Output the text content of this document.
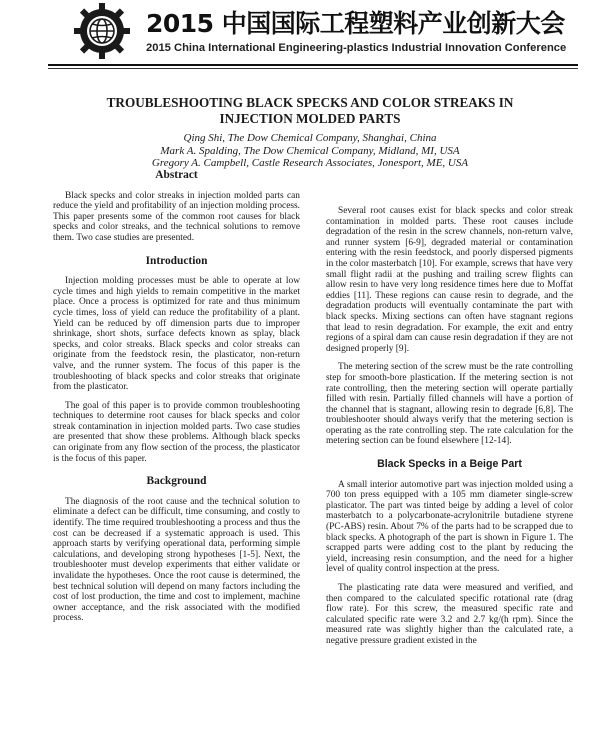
2015 中国国际工程塑料产业创新大会
2015 China International Engineering-plastics Industrial Innovation Conference
TROUBLESHOOTING BLACK SPECKS AND COLOR STREAKS IN
INJECTION MOLDED PARTS
Qing Shi, The Dow Chemical Company, Shanghai, China
Mark A. Spalding, The Dow Chemical Company, Midland, MI, USA
Gregory A. Campbell, Castle Research Associates, Jonesport, ME, USA
Abstract

Black specks and color streaks in injection molded parts can reduce the yield and profitability of an injection molding process. This paper presents some of the common root causes for black specks and color streaks, and the technical solutions to remove them. Two case studies are presented.

Introduction

Injection molding processes must be able to operate at low cycle times and high yields to remain competitive in the market place. Once a process is optimized for rate and thus minimum cycle times, loss of yield can reduce the profitability of a plant. Yield can be reduced by off dimension parts due to improper shrinkage, short shots, surface defects known as splay, black specks, and color streaks. Black specks and color streaks can originate from the feedstock resin, the plasticator, non-return valve, and the runner system. The focus of this paper is the troubleshooting of black specks and color streaks that originate from the plasticator.

The goal of this paper is to provide common troubleshooting techniques to determine root causes for black specks and color streak contamination in injection molded parts. Two case studies are presented that show these problems. Although black specks can originate from any flow section of the process, the plasticator is the focus of this paper.

Background

The diagnosis of the root cause and the technical solution to eliminate a defect can be difficult, time consuming, and costly to identify. The time required troubleshooting a process and thus the cost can be decreased if a systematic approach is used. This approach starts by verifying operational data, performing simple calculations, and developing strong hypotheses [1-5]. Next, the troubleshooter must develop experiments that either validate or invalidate the hypotheses. Once the root cause is determined, the best technical solution will depend on many factors including the cost of lost production, the time and cost to implement, machine owner acceptance, and the risk associated with the modified process.

Several root causes exist for black specks and color streak contamination in molded parts. These root causes include degradation of the resin in the screw channels, non-return valve, and runner system [6-9], degraded material or contamination entering with the resin feedstock, and poorly dispersed pigments in the color masterbatch [10]. For example, screws that have very small flight radii at the pushing and trailing screw flights can allow resin to have very long residence times here due to Moffat eddies [11]. These regions can cause resin to degrade, and the degradation products will eventually contaminate the part with black specks. Mixing sections can often have stagnant regions that lead to resin degradation. For example, the exit and entry regions of a spiral dam can cause resin degradation if they are not designed properly [9].

The metering section of the screw must be the rate controlling step for smooth-bore plastication. If the metering section is not rate controlling, then the metering section will operate partially filled with resin. Partially filled channels will have a portion of the channel that is stagnant, allowing resin to degrade [6,8]. The troubleshooter should always verify that the metering section is operating as the rate controlling step. The rate calculation for the metering section can be found elsewhere [12-14].

Black Specks in a Beige Part

A small interior automotive part was injection molded using a 700 ton press equipped with a 105 mm diameter single-screw plasticator. The part was tinted beige by adding a level of color masterbatch to a polycarbonate-acrylonitrile butadiene styrene (PC-ABS) resin. About 7% of the parts had to be scrapped due to black specks. A photograph of the part is shown in Figure 1. The scrapped parts were adding cost to the plant by reducing the yield, increasing resin consumption, and the need for a higher level of quality control inspection at the press.

The plasticating rate data were measured and verified, and then compared to the calculated specific rotational rate (drag flow rate). For this screw, the measured specific rate and calculated specific rate were 3.2 and 2.7 kg/(h rpm). Since the measured rate was slightly higher than the calculated rate, a negative pressure gradient existed in the
